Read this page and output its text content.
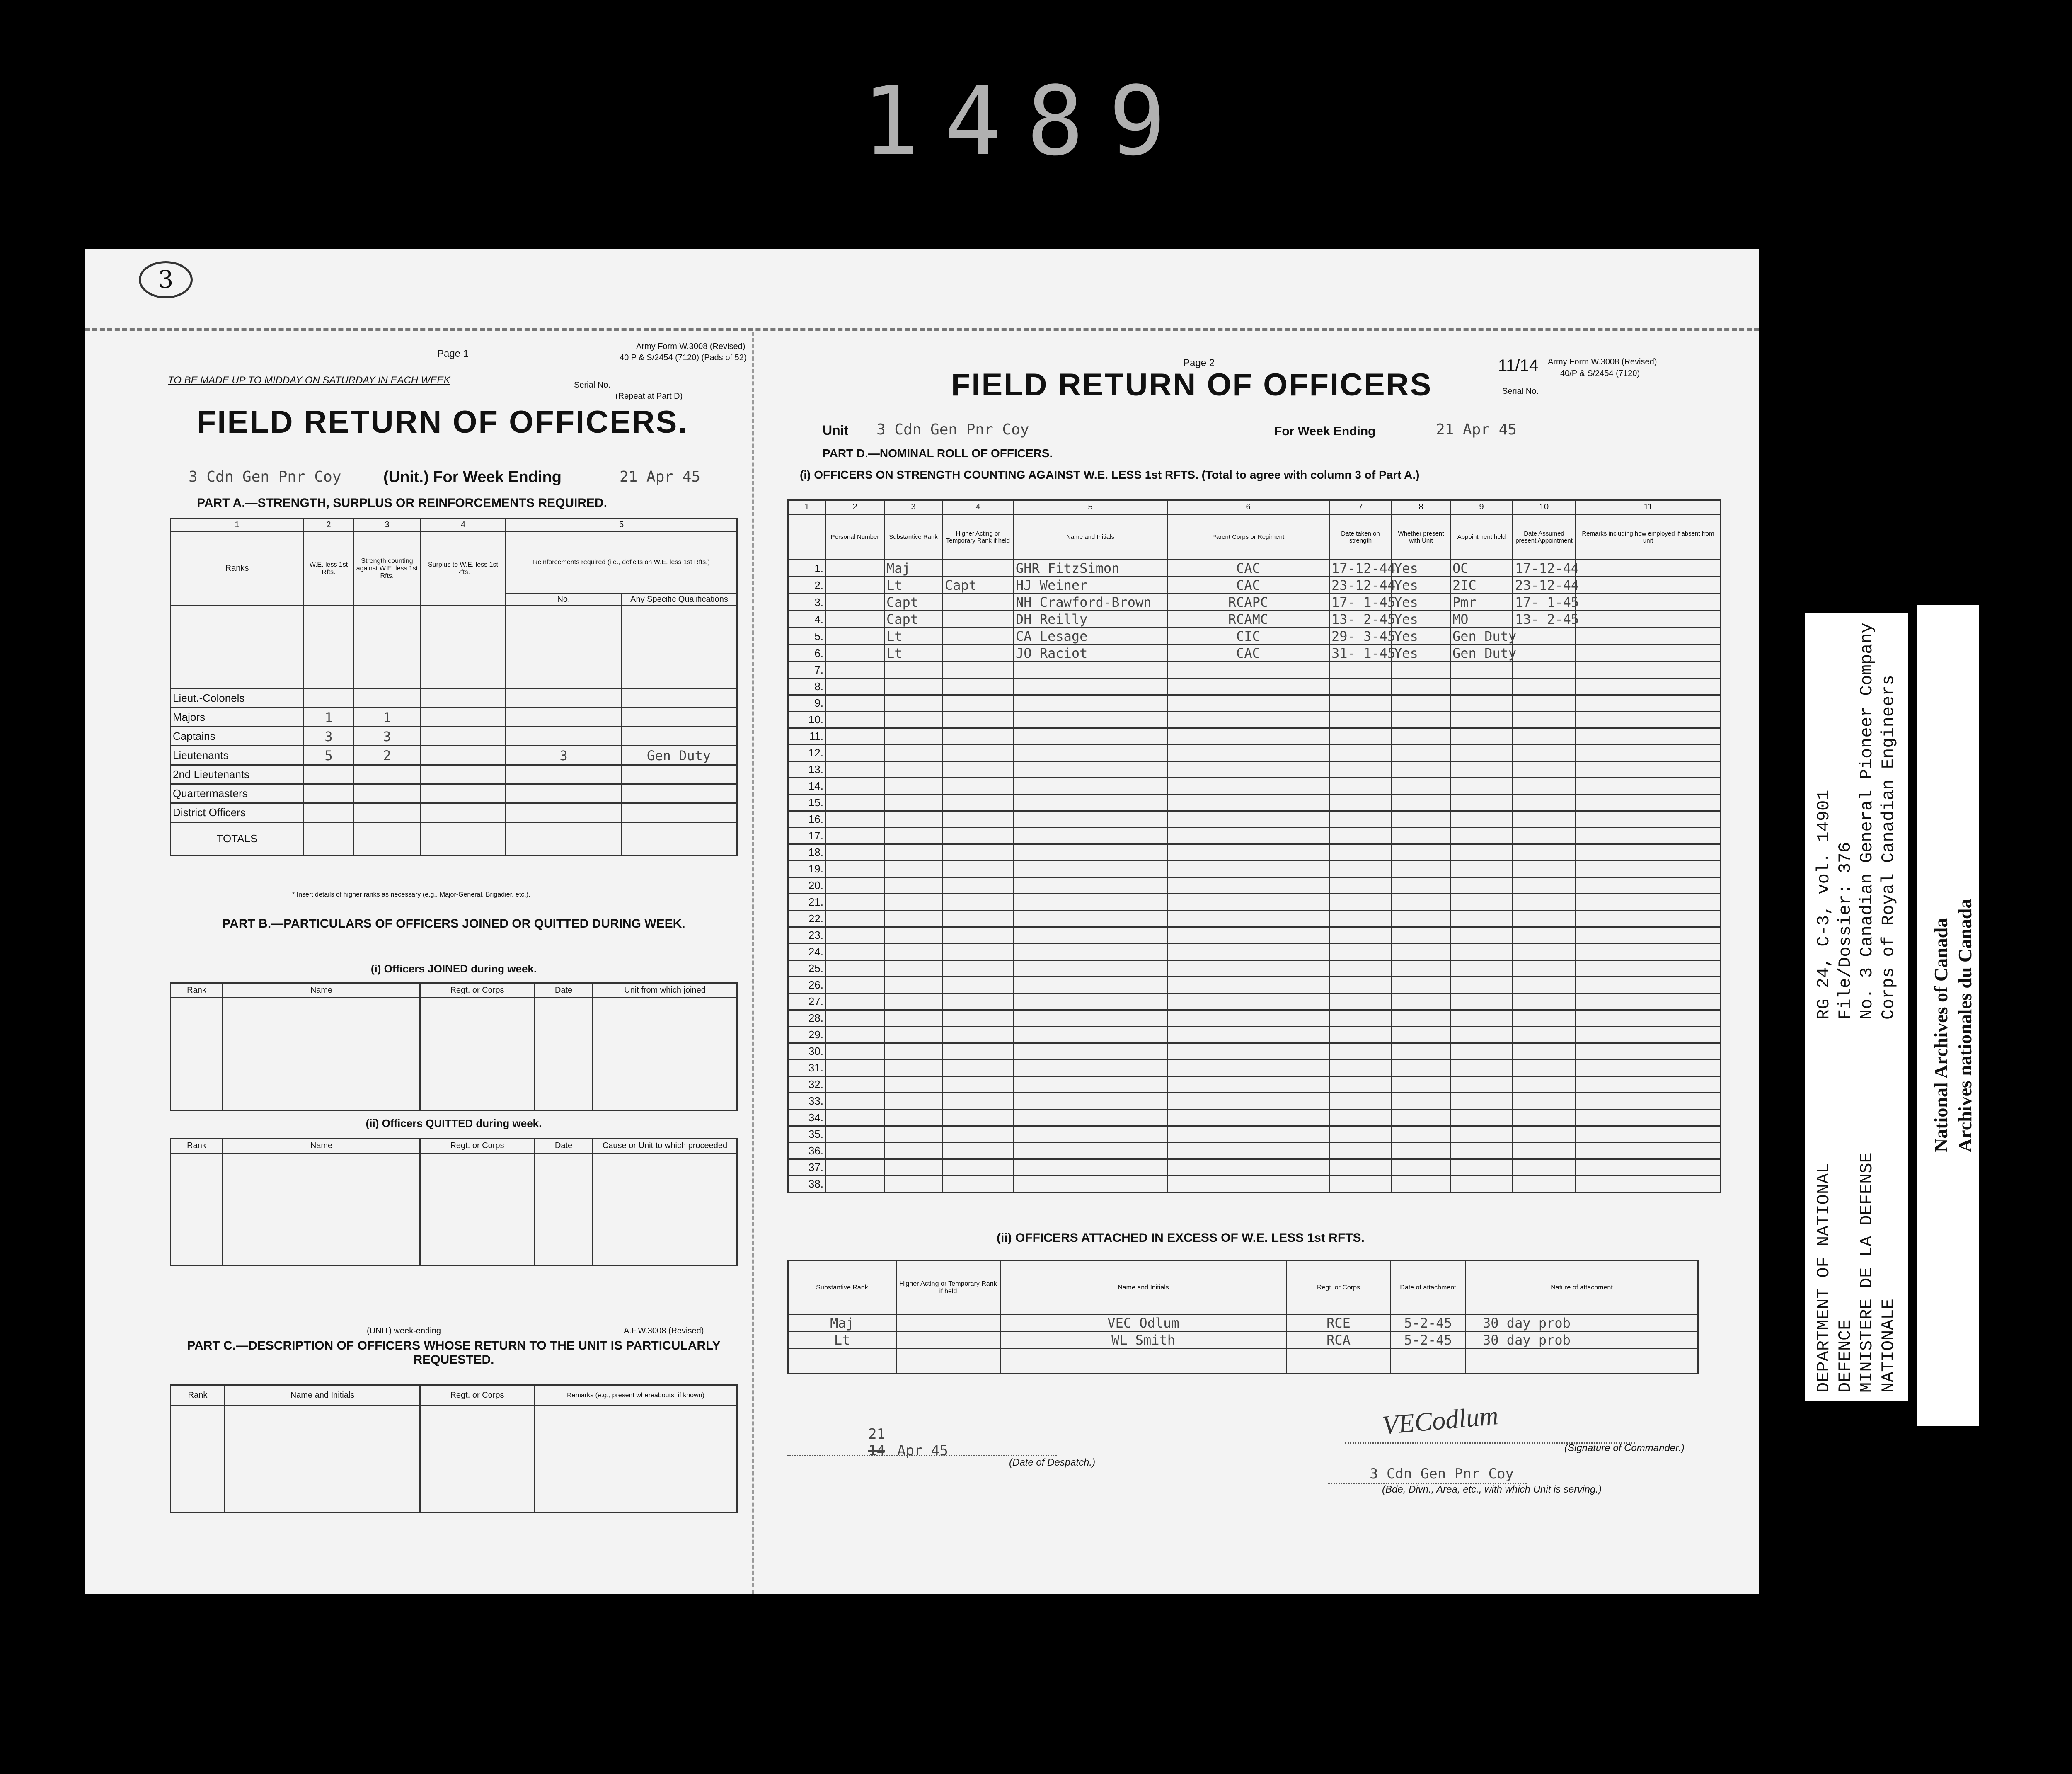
1489
3
Page 1
Army Form W.3008 (Revised)
40 P & S/2454 (7120) (Pads of 52)
TO BE MADE UP TO MIDDAY ON SATURDAY IN EACH WEEK	Serial No.
(Repeat at Part D)
FIELD RETURN OF OFFICERS.
3 Cdn Gen Pnr Coy	(Unit.) For Week Ending	21 Apr 45
PART A.—STRENGTH, SURPLUS OR REINFORCEMENTS REQUIRED.
1	2	3	4	5	
Ranks	W.E. less 1st Rfts.	Strength counting against W.E. less 1st Rfts.	Surplus to W.E. less 1st Rfts.	Reinforcements required (i.e., deficits on W.E. less 1st Rfts.)	
				No.	Any Specific Qualifications

Lieut.-Colonels					
Majors	1	1			
Captains	3	3			
Lieutenants	5	2		3	Gen Duty
2nd Lieutenants					
Quartermasters					
District Officers					
TOTALS					
* Insert details of higher ranks as necessary (e.g., Major-General, Brigadier, etc.).
PART B.—PARTICULARS OF OFFICERS JOINED OR QUITTED DURING WEEK.
(i) Officers JOINED during week.
Rank	Name	Regt. or Corps	Date	Unit from which joined

(ii) Officers QUITTED during week.
Rank	Name	Regt. or Corps	Date	Cause or Unit to which proceeded

(UNIT) week-ending	A.F.W.3008 (Revised)
PART C.—DESCRIPTION OF OFFICERS WHOSE RETURN TO THE UNIT IS PARTICULARLY REQUESTED.
Rank	Name and Initials	Regt. or Corps	Remarks (e.g., present whereabouts, if known)

Page 2	11/14 Army Form W.3008 (Revised)
40/P & S/2454 (7120)
Serial No.
FIELD RETURN OF OFFICERS
Unit 3 Cdn Gen Pnr Coy	For Week Ending	21 Apr 45
PART D.—NOMINAL ROLL OF OFFICERS.
(i) OFFICERS ON STRENGTH COUNTING AGAINST W.E. LESS 1st RFTS. (Total to agree with column 3 of Part A.)
1	2	3	4	5	6	7	8	9	10	11
	Personal Number	Substantive Rank	Higher Acting or Temporary Rank if held	Name and Initials	Parent Corps or Regiment	Date taken on strength	Whether present with Unit	Appointment held	Date Assumed present Appointment	Remarks including how employed if absent from unit
1.		Maj		GHR FitzSimon	CAC	17-12-44	Yes	OC	17-12-44	
2.		Lt	Capt	HJ Weiner	CAC	23-12-44	Yes	2IC	23-12-44	
3.		Capt		NH Crawford-Brown	RCAPC	17- 1-45	Yes	Pmr	17- 1-45	
4.		Capt		DH Reilly	RCAMC	13- 2-45	Yes	MO	13- 2-45	
5.		Lt		CA Lesage	CIC	29- 3-45	Yes	Gen Duty		
6.		Lt		JO Raciot	CAC	31- 1-45	Yes	Gen Duty		
7.										
8.										
9.										
10.										
11.										
12.										
13.										
14.										
15.										
16.										
17.										
18.										
19.										
20.										
21.										
22.										
23.										
24.										
25.										
26.										
27.										
28.										
29.										
30.										
31.										
32.										
33.										
34.										
35.										
36.										
37.										
38.										
(ii) OFFICERS ATTACHED IN EXCESS OF W.E. LESS 1st RFTS.
Substantive Rank	Higher Acting or Temporary Rank if held	Name and Initials	Regt. or Corps	Date of attachment	Nature of attachment
Maj		VEC Odlum	RCE	5-2-45	30 day prob
Lt		WL Smith	RCA	5-2-45	30 day prob

21
14 Apr 45
(Date of Despatch.)
VECodlum
(Signature of Commander.)
3 Cdn Gen Pnr Coy
(Bde, Divn., Area, etc., with which Unit is serving.)
DEPARTMENT OF NATIONAL DEFENCE MINISTERE DE LA DEFENSE NATIONALE
RG 24, C-3, vol. 14901 File/Dossier: 376 No. 3 Canadian General Pioneer Company Corps of Royal Canadian Engineers
National Archives of Canada Archives nationales du Canada
